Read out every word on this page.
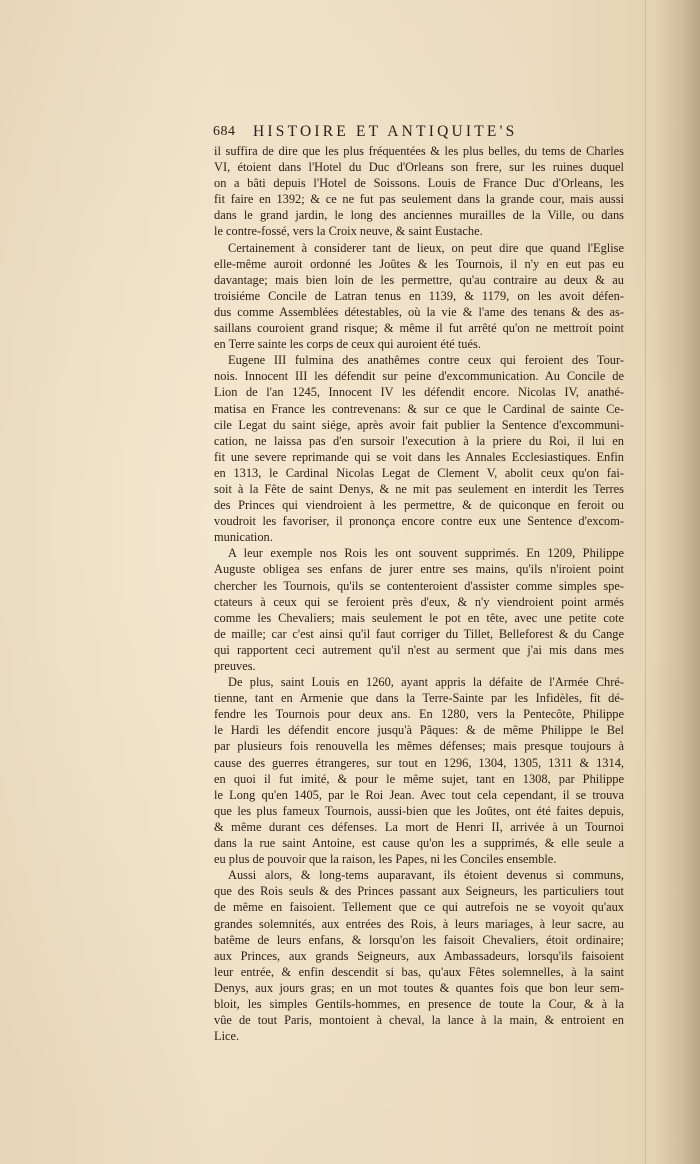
684 HISTOIRE ET ANTIQUITE'S
il suffira de dire que les plus fréquentées & les plus belles, du tems de Charles
VI, étoient dans l'Hotel du Duc d'Orleans son frere, sur les ruines duquel
on a bâti depuis l'Hotel de Soissons. Louis de France Duc d'Orleans, les
fit faire en 1392; & ce ne fut pas seulement dans la grande cour, mais aussi
dans le grand jardin, le long des anciennes murailles de la Ville, ou dans
le contre-fossé, vers la Croix neuve, & saint Eustache.
Certainement à considerer tant de lieux, on peut dire que quand l'Eglise
elle-même auroit ordonné les Joûtes & les Tournois, il n'y en eut pas eu
davantage; mais bien loin de les permettre, qu'au contraire au deux & au
troisiéme Concile de Latran tenus en 1139, & 1179, on les avoit défen-
dus comme Assemblées détestables, où la vie & l'ame des tenans & des as-
saillans couroient grand risque; & même il fut arrêté qu'on ne mettroit point
en Terre sainte les corps de ceux qui auroient été tués.
Eugene III fulmina des anathêmes contre ceux qui feroient des Tour-
nois. Innocent III les défendit sur peine d'excommunication. Au Concile de
Lion de l'an 1245, Innocent IV les défendit encore. Nicolas IV, anathé-
matisa en France les contrevenans: & sur ce que le Cardinal de sainte Ce-
cile Legat du saint siége, après avoir fait publier la Sentence d'excommuni-
cation, ne laissa pas d'en sursoir l'execution à la priere du Roi, il lui en
fit une severe reprimande qui se voit dans les Annales Ecclesiastiques. Enfin
en 1313, le Cardinal Nicolas Legat de Clement V, abolit ceux qu'on fai-
soit à la Fête de saint Denys, & ne mit pas seulement en interdit les Terres
des Princes qui viendroient à les permettre, & de quiconque en feroit ou
voudroit les favoriser, il prononça encore contre eux une Sentence d'excom-
munication.
A leur exemple nos Rois les ont souvent supprimés. En 1209, Philippe
Auguste obligea ses enfans de jurer entre ses mains, qu'ils n'iroient point
chercher les Tournois, qu'ils se contenteroient d'assister comme simples spe-
ctateurs à ceux qui se feroient près d'eux, & n'y viendroient point armés
comme les Chevaliers; mais seulement le pot en tête, avec une petite cote
de maille; car c'est ainsi qu'il faut corriger du Tillet, Belleforest & du Cange
qui rapportent ceci autrement qu'il n'est au serment que j'ai mis dans mes
preuves.
De plus, saint Louis en 1260, ayant appris la défaite de l'Armée Chré-
tienne, tant en Armenie que dans la Terre-Sainte par les Infidèles, fit dé-
fendre les Tournois pour deux ans. En 1280, vers la Pentecôte, Philippe
le Hardi les défendit encore jusqu'à Pâques: & de même Philippe le Bel
par plusieurs fois renouvella les mêmes défenses; mais presque toujours à
cause des guerres étrangeres, sur tout en 1296, 1304, 1305, 1311 & 1314,
en quoi il fut imité, & pour le même sujet, tant en 1308, par Philippe
le Long qu'en 1405, par le Roi Jean. Avec tout cela cependant, il se trouva
que les plus fameux Tournois, aussi-bien que les Joûtes, ont été faites depuis,
& même durant ces défenses. La mort de Henri II, arrivée à un Tournoi
dans la rue saint Antoine, est cause qu'on les a supprimés, & elle seule a
eu plus de pouvoir que la raison, les Papes, ni les Conciles ensemble.
Aussi alors, & long-tems auparavant, ils étoient devenus si communs,
que des Rois seuls & des Princes passant aux Seigneurs, les particuliers tout
de même en faisoient. Tellement que ce qui autrefois ne se voyoit qu'aux
grandes solemnités, aux entrées des Rois, à leurs mariages, à leur sacre, au
batême de leurs enfans, & lorsqu'on les faisoit Chevaliers, étoit ordinaire;
aux Princes, aux grands Seigneurs, aux Ambassadeurs, lorsqu'ils faisoient
leur entrée, & enfin descendit si bas, qu'aux Fêtes solemnelles, à la saint
Denys, aux jours gras; en un mot toutes & quantes fois que bon leur sem-
bloit, les simples Gentils-hommes, en presence de toute la Cour, & à la
vûe de tout Paris, montoient à cheval, la lance à la main, & entroient en
Lice.
